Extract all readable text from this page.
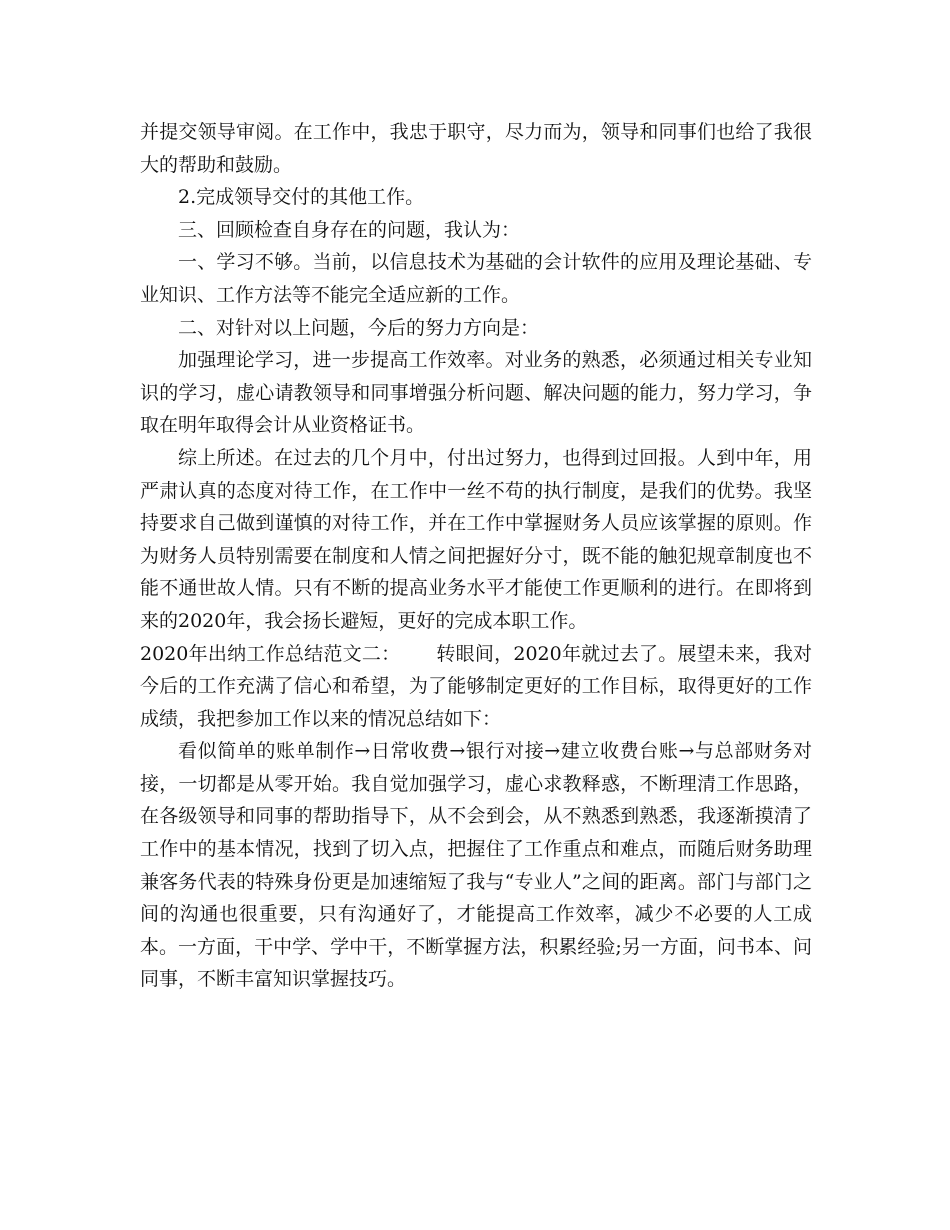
并提交领导审阅。在工作中，我忠于职守，尽力而为，领导和同事们也给了我很大的帮助和鼓励。

2.完成领导交付的其他工作。

三、回顾检查自身存在的问题，我认为：

一、学习不够。当前，以信息技术为基础的会计软件的应用及理论基础、专业知识、工作方法等不能完全适应新的工作。

二、对针对以上问题，今后的努力方向是：

加强理论学习，进一步提高工作效率。对业务的熟悉，必须通过相关专业知识的学习，虚心请教领导和同事增强分析问题、解决问题的能力，努力学习，争取在明年取得会计从业资格证书。

综上所述。在过去的几个月中，付出过努力，也得到过回报。人到中年，用严肃认真的态度对待工作，在工作中一丝不苟的执行制度，是我们的优势。我坚持要求自己做到谨慎的对待工作，并在工作中掌握财务人员应该掌握的原则。作为财务人员特别需要在制度和人情之间把握好分寸，既不能的触犯规章制度也不能不通世故人情。只有不断的提高业务水平才能使工作更顺利的进行。在即将到来的2020年，我会扬长避短，更好的完成本职工作。

2020年出纳工作总结范文二： 转眼间，2020年就过去了。展望未来，我对今后的工作充满了信心和希望，为了能够制定更好的工作目标，取得更好的工作成绩，我把参加工作以来的情况总结如下：

看似简单的账单制作→日常收费→银行对接→建立收费台账→与总部财务对接，一切都是从零开始。我自觉加强学习，虚心求教释惑，不断理清工作思路，在各级领导和同事的帮助指导下，从不会到会，从不熟悉到熟悉，我逐渐摸清了工作中的基本情况，找到了切入点，把握住了工作重点和难点，而随后财务助理兼客务代表的特殊身份更是加速缩短了我与“专业人”之间的距离。部门与部门之间的沟通也很重要，只有沟通好了，才能提高工作效率，减少不必要的人工成本。一方面，干中学、学中干，不断掌握方法，积累经验;另一方面，问书本、问同事，不断丰富知识掌握技巧。
